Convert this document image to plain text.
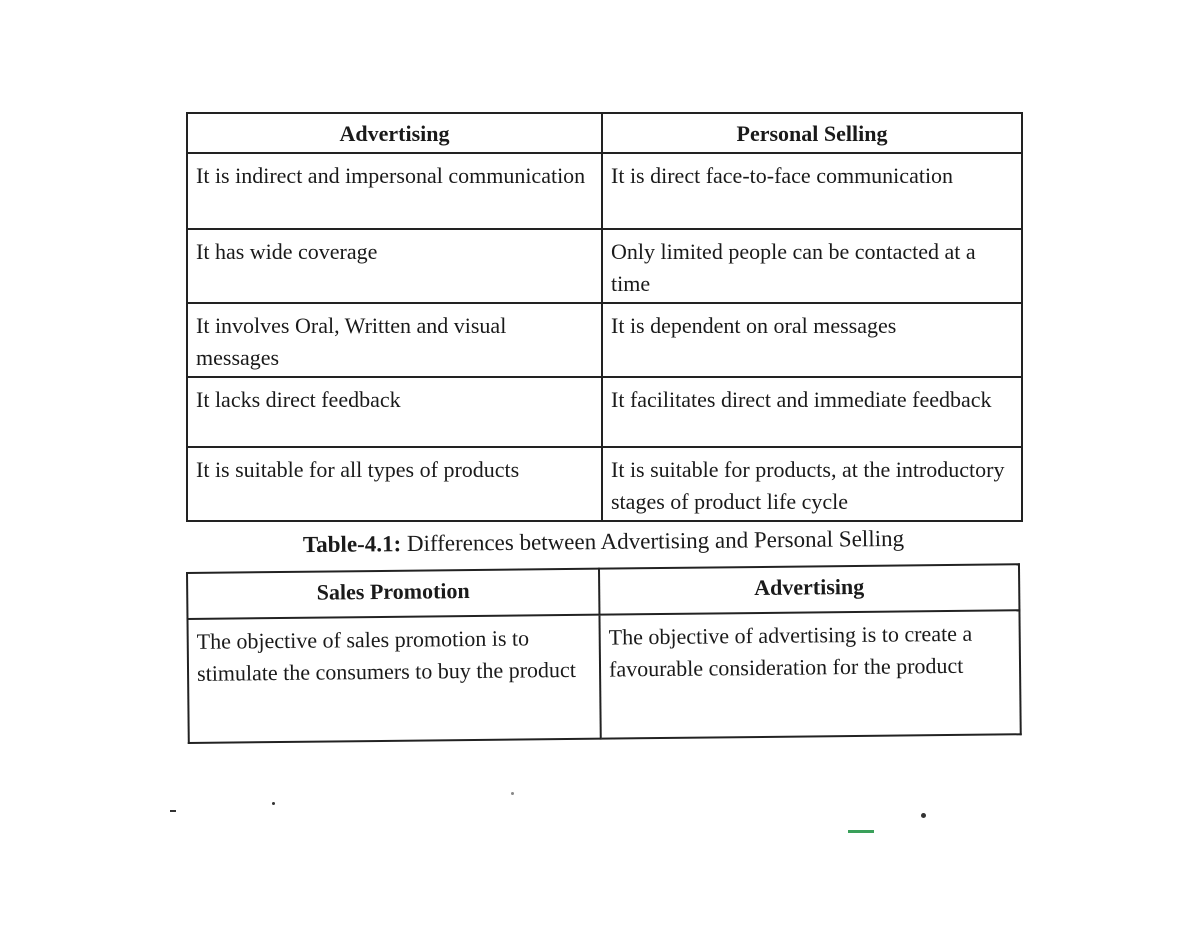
Advertising	Personal Selling
It is indirect and impersonal communication	It is direct face-to-face communication
It has wide coverage	Only limited people can be contacted at a time
It involves Oral, Written and visual messages	It is dependent on oral messages
It lacks direct feedback	It facilitates direct and immediate feedback
It is suitable for all types of products	It is suitable for products, at the introductory stages of product life cycle
Table-4.1: Differences between Advertising and Personal Selling
Sales Promotion	Advertising
The objective of sales promotion is to stimulate the consumers to buy the product	The objective of advertising is to create a favourable consideration for the product
